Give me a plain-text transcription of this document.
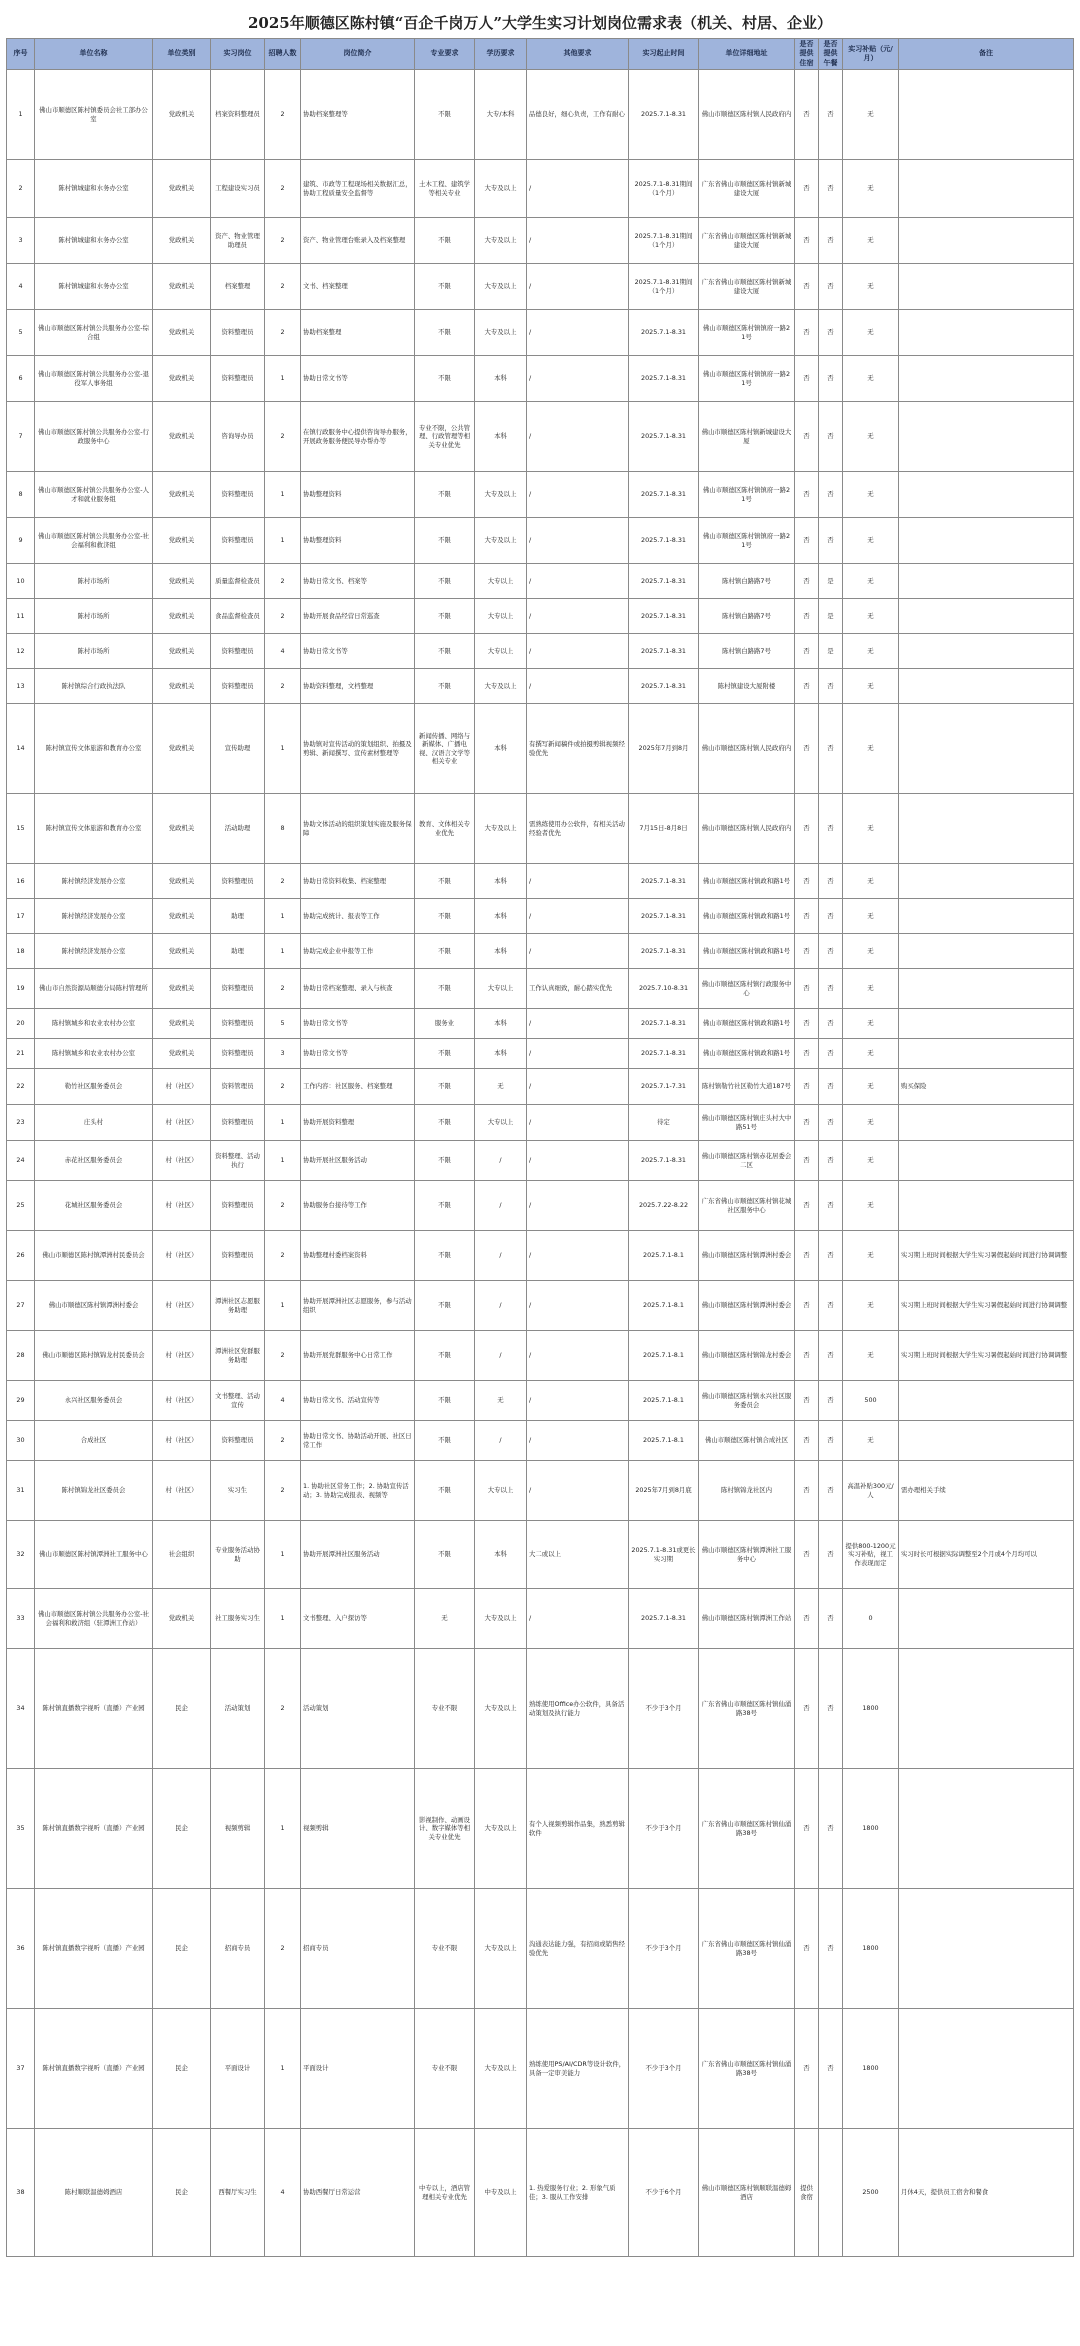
2025年顺德区陈村镇“百企千岗万人”大学生实习计划岗位需求表（机关、村居、企业）
序号	单位名称	单位类别	实习岗位	招聘人数	岗位简介	专业要求	学历要求	其他要求	实习起止时间	单位详细地址	是否提供住宿	是否提供午餐	实习补贴（元/月）	备注
1	佛山市顺德区陈村镇委员会社工部办公室	党政机关	档案资料整理员	2	协助档案整理等	不限	大专/本科	品德良好，细心负责，工作有耐心	2025.7.1-8.31	佛山市顺德区陈村镇人民政府内	否	否	无	
2	陈村镇城建和水务办公室	党政机关	工程建设实习员	2	建筑、市政等工程现场相关数据汇总，协助工程质量安全监督等	土木工程、建筑学等相关专业	大专及以上	/	2025.7.1-8.31期间（1个月）	广东省佛山市顺德区陈村镇新城建设大厦	否	否	无	
3	陈村镇城建和水务办公室	党政机关	资产、物业管理助理员	2	资产、物业管理台账录入及档案整理	不限	大专及以上	/	2025.7.1-8.31期间（1个月）	广东省佛山市顺德区陈村镇新城建设大厦	否	否	无	
4	陈村镇城建和水务办公室	党政机关	档案整理	2	文书、档案整理	不限	大专及以上	/	2025.7.1-8.31期间（1个月）	广东省佛山市顺德区陈村镇新城建设大厦	否	否	无	
5	佛山市顺德区陈村镇公共服务办公室-综合组	党政机关	资料整理员	2	协助档案整理	不限	大专及以上	/	2025.7.1-8.31	佛山市顺德区陈村镇镇府一路21号	否	否	无	
6	佛山市顺德区陈村镇公共服务办公室-退役军人事务组	党政机关	资料整理员	1	协助日常文书等	不限	本科	/	2025.7.1-8.31	佛山市顺德区陈村镇镇府一路21号	否	否	无	
7	佛山市顺德区陈村镇公共服务办公室-行政服务中心	党政机关	咨询导办员	2	在镇行政服务中心提供咨询导办服务，开展政务服务便民导办帮办等	专业不限，公共管理、行政管理等相关专业优先	本科	/	2025.7.1-8.31	佛山市顺德区陈村镇新城建设大厦	否	否	无	
8	佛山市顺德区陈村镇公共服务办公室-人才和就业服务组	党政机关	资料整理员	1	协助整理资料	不限	大专及以上	/	2025.7.1-8.31	佛山市顺德区陈村镇镇府一路21号	否	否	无	
9	佛山市顺德区陈村镇公共服务办公室-社会福利和救济组	党政机关	资料整理员	1	协助整理资料	不限	大专及以上	/	2025.7.1-8.31	佛山市顺德区陈村镇镇府一路21号	否	否	无	
10	陈村市场所	党政机关	质量监督检查员	2	协助日常文书、档案等	不限	大专以上	/	2025.7.1-8.31	陈村镇白路路7号	否	是	无	
11	陈村市场所	党政机关	食品监督检查员	2	协助开展食品经营日常巡查	不限	大专以上	/	2025.7.1-8.31	陈村镇白路路7号	否	是	无	
12	陈村市场所	党政机关	资料整理员	4	协助日常文书等	不限	大专以上	/	2025.7.1-8.31	陈村镇白路路7号	否	是	无	
13	陈村镇综合行政执法队	党政机关	资料整理员	2	协助资料整理，文档整理	不限	大专及以上	/	2025.7.1-8.31	陈村镇建设大厦附楼	否	否	无	
14	陈村镇宣传文体旅游和教育办公室	党政机关	宣传助理	1	协助镇对宣传活动的策划组织、拍摄及剪辑、新闻撰写、宣传素材整理等	新闻传播、网络与新媒体、广播电视、汉语言文学等相关专业	本科	有撰写新闻稿件或拍摄剪辑视频经验优先	2025年7月到8月	佛山市顺德区陈村镇人民政府内	否	否	无	
15	陈村镇宣传文体旅游和教育办公室	党政机关	活动助理	8	协助文体活动的组织策划实施及服务保障	教育、文体相关专业优先	大专及以上	需熟练使用办公软件，有相关活动经验者优先	7月15日-8月8日	佛山市顺德区陈村镇人民政府内	否	否	无	
16	陈村镇经济发展办公室	党政机关	资料整理员	2	协助日常资料收集、档案整理	不限	本科	/	2025.7.1-8.31	佛山市顺德区陈村镇政和路1号	否	否	无	
17	陈村镇经济发展办公室	党政机关	助理	1	协助完成统计、报表等工作	不限	本科	/	2025.7.1-8.31	佛山市顺德区陈村镇政和路1号	否	否	无	
18	陈村镇经济发展办公室	党政机关	助理	1	协助完成企业申报等工作	不限	本科	/	2025.7.1-8.31	佛山市顺德区陈村镇政和路1号	否	否	无	
19	佛山市自然资源局顺德分局陈村管理所	党政机关	资料整理员	2	协助日常档案整理、录入与核查	不限	大专以上	工作认真细致，耐心踏实优先	2025.7.10-8.31	佛山市顺德区陈村镇行政服务中心	否	否	无	
20	陈村镇城乡和农业农村办公室	党政机关	资料整理员	5	协助日常文书等	服务业	本科	/	2025.7.1-8.31	佛山市顺德区陈村镇政和路1号	否	否	无	
21	陈村镇城乡和农业农村办公室	党政机关	资料整理员	3	协助日常文书等	不限	本科	/	2025.7.1-8.31	佛山市顺德区陈村镇政和路1号	否	否	无	
22	勒竹社区服务委员会	村（社区）	资料管理员	2	工作内容：社区服务、档案整理	不限	无	/	2025.7.1-7.31	陈村镇勒竹社区勒竹大道187号	否	否	无	购买保险
23	庄头村	村（社区）	资料整理员	1	协助开展资料整理	不限	大专以上	/	待定	佛山市顺德区陈村镇庄头村大中路51号	否	否	无	
24	赤花社区服务委员会	村（社区）	资料整理、活动执行	1	协助开展社区服务活动	不限	/	/	2025.7.1-8.31	佛山市顺德区陈村镇赤花居委会二区	否	否	无	
25	花城社区服务委员会	村（社区）	资料整理员	2	协助服务台接待等工作	不限	/	/	2025.7.22-8.22	广东省佛山市顺德区陈村镇花城社区服务中心	否	否	无	
26	佛山市顺德区陈村镇潭洲村民委员会	村（社区）	资料整理员	2	协助整理村委档案资料	不限	/	/	2025.7.1-8.1	佛山市顺德区陈村镇潭洲村委会	否	否	无	实习期上班时间根据大学生实习暑假起始时间进行协调调整
27	佛山市顺德区陈村镇潭洲村委会	村（社区）	潭洲社区志愿服务助理	1	协助开展潭洲社区志愿服务，参与活动组织	不限	/	/	2025.7.1-8.1	佛山市顺德区陈村镇潭洲村委会	否	否	无	实习期上班时间根据大学生实习暑假起始时间进行协调调整
28	佛山市顺德区陈村镇锦龙村民委员会	村（社区）	潭洲社区党群服务助理	2	协助开展党群服务中心日常工作	不限	/	/	2025.7.1-8.1	佛山市顺德区陈村镇锦龙村委会	否	否	无	实习期上班时间根据大学生实习暑假起始时间进行协调调整
29	永兴社区服务委员会	村（社区）	文书整理、活动宣传	4	协助日常文书、活动宣传等	不限	无	/	2025.7.1-8.1	佛山市顺德区陈村镇永兴社区服务委员会	否	否	500	
30	合成社区	村（社区）	资料整理员	2	协助日常文书、协助活动开展、社区日常工作	不限	/	/	2025.7.1-8.1	佛山市顺德区陈村镇合成社区	否	否	无	
31	陈村镇锦龙社区委员会	村（社区）	实习生	2	1. 协助社区常务工作；2. 协助宣传活动；3. 协助完成报表、视频等	不限	大专以上	/	2025年7月到8月底	陈村镇锦龙社区内	否	否	高温补贴300元/人	需办理相关手续
32	佛山市顺德区陈村镇潭洲社工服务中心	社会组织	专业服务活动协助	1	协助开展潭洲社区服务活动	不限	本科	大二或以上	2025.7.1-8.31或更长实习期	佛山市顺德区陈村镇潭洲社工服务中心	否	否	提供800-1200元实习补贴，视工作表现而定	实习时长可根据实际调整至2个月或4个月均可以
33	佛山市顺德区陈村镇公共服务办公室-社会福利和救济组（驻潭洲工作站）	党政机关	社工服务实习生	1	文书整理、入户探访等	无	大专及以上	/	2025.7.1-8.31	佛山市顺德区陈村镇潭洲工作站	否	否	0	
34	陈村镇直播数字视听（直播）产业园	民企	活动策划	2	活动策划	专业不限	大专及以上	熟练使用Office办公软件，具备活动策划及执行能力	不少于3个月	广东省佛山市顺德区陈村镇仙涌路38号	否	否	1800	
35	陈村镇直播数字视听（直播）产业园	民企	视频剪辑	1	视频剪辑	影视制作、动画设计、数字媒体等相关专业优先	大专及以上	有个人视频剪辑作品集，熟悉剪辑软件	不少于3个月	广东省佛山市顺德区陈村镇仙涌路38号	否	否	1800	
36	陈村镇直播数字视听（直播）产业园	民企	招商专员	2	招商专员	专业不限	大专及以上	沟通表达能力强，有招商或销售经验优先	不少于3个月	广东省佛山市顺德区陈村镇仙涌路38号	否	否	1800	
37	陈村镇直播数字视听（直播）产业园	民企	平面设计	1	平面设计	专业不限	大专及以上	熟练使用PS/AI/CDR等设计软件，具备一定审美能力	不少于3个月	广东省佛山市顺德区陈村镇仙涌路38号	否	否	1800	
38	陈村顺联温德姆酒店	民企	西餐厅实习生	4	协助西餐厅日常运营	中专以上，酒店管理相关专业优先	中专及以上	1. 热爱服务行业；2. 形象气质佳；3. 服从工作安排	不少于6个月	佛山市顺德区陈村镇顺联温德姆酒店	提供食宿		2500	月休4天，提供员工宿舍和餐食
